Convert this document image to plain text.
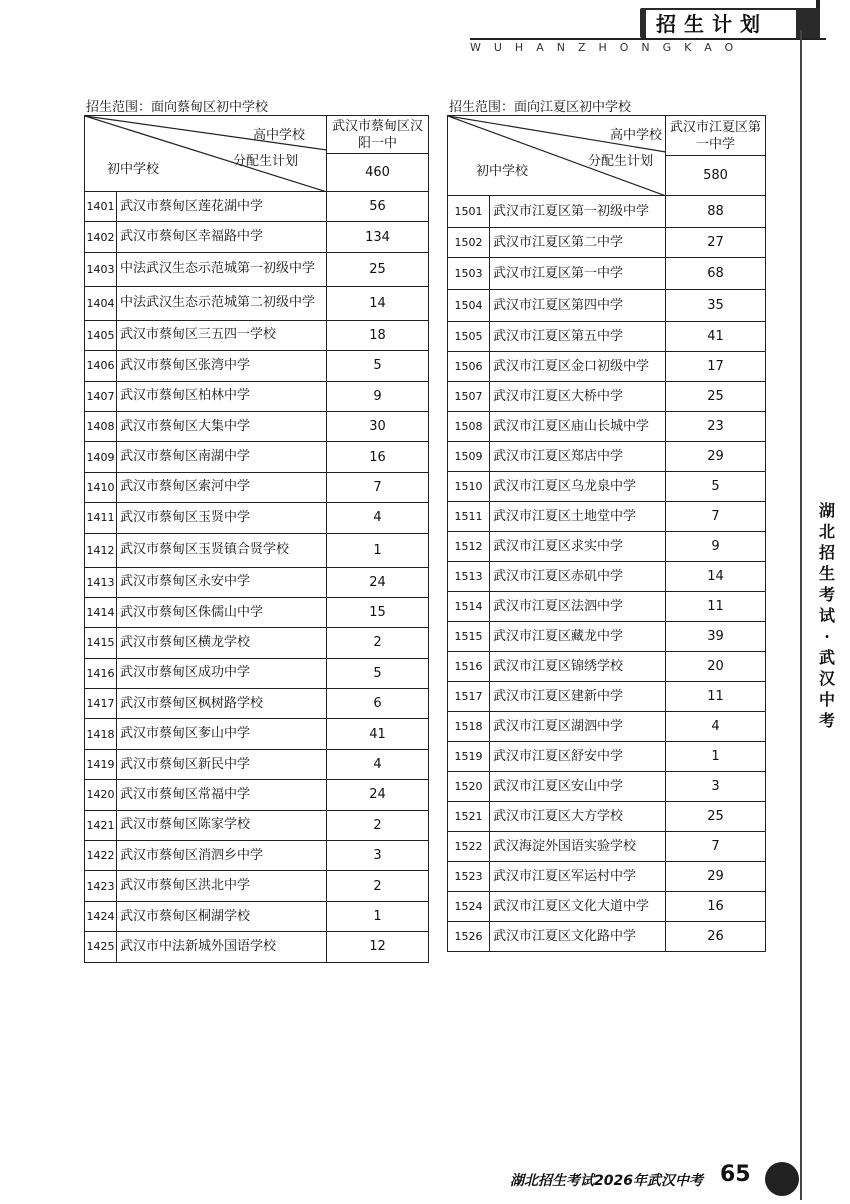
招生计划
WUHANZHONGKAO
招生范围：面向蔡甸区初中学校
高中学校
分配生计划
初中学校		武汉市蔡甸区汉阳一中
		460
1401	武汉市蔡甸区莲花湖中学	56
1402	武汉市蔡甸区幸福路中学	134
1403	中法武汉生态示范城第一初级中学	25
1404	中法武汉生态示范城第二初级中学	14
1405	武汉市蔡甸区三五四一学校	18
1406	武汉市蔡甸区张湾中学	5
1407	武汉市蔡甸区柏林中学	9
1408	武汉市蔡甸区大集中学	30
1409	武汉市蔡甸区南湖中学	16
1410	武汉市蔡甸区索河中学	7
1411	武汉市蔡甸区玉贤中学	4
1412	武汉市蔡甸区玉贤镇合贤学校	1
1413	武汉市蔡甸区永安中学	24
1414	武汉市蔡甸区侏儒山中学	15
1415	武汉市蔡甸区横龙学校	2
1416	武汉市蔡甸区成功中学	5
1417	武汉市蔡甸区枫树路学校	6
1418	武汉市蔡甸区奓山中学	41
1419	武汉市蔡甸区新民中学	4
1420	武汉市蔡甸区常福中学	24
1421	武汉市蔡甸区陈家学校	2
1422	武汉市蔡甸区消泗乡中学	3
1423	武汉市蔡甸区洪北中学	2
1424	武汉市蔡甸区桐湖学校	1
1425	武汉市中法新城外国语学校	12
招生范围：面向江夏区初中学校
高中学校
分配生计划
初中学校		武汉市江夏区第一中学
		580
1501	武汉市江夏区第一初级中学	88
1502	武汉市江夏区第二中学	27
1503	武汉市江夏区第一中学	68
1504	武汉市江夏区第四中学	35
1505	武汉市江夏区第五中学	41
1506	武汉市江夏区金口初级中学	17
1507	武汉市江夏区大桥中学	25
1508	武汉市江夏区庙山长城中学	23
1509	武汉市江夏区郑店中学	29
1510	武汉市江夏区乌龙泉中学	5
1511	武汉市江夏区土地堂中学	7
1512	武汉市江夏区求实中学	9
1513	武汉市江夏区赤矶中学	14
1514	武汉市江夏区法泗中学	11
1515	武汉市江夏区藏龙中学	39
1516	武汉市江夏区锦绣学校	20
1517	武汉市江夏区建新中学	11
1518	武汉市江夏区湖泗中学	4
1519	武汉市江夏区舒安中学	1
1520	武汉市江夏区安山中学	3
1521	武汉市江夏区大方学校	25
1522	武汉海淀外国语实验学校	7
1523	武汉市江夏区军运村中学	29
1524	武汉市江夏区文化大道中学	16
1526	武汉市江夏区文化路中学	26
湖
北
招
生
考
试
·
武
汉
中
考
湖北招生考试2026年武汉中考 65
